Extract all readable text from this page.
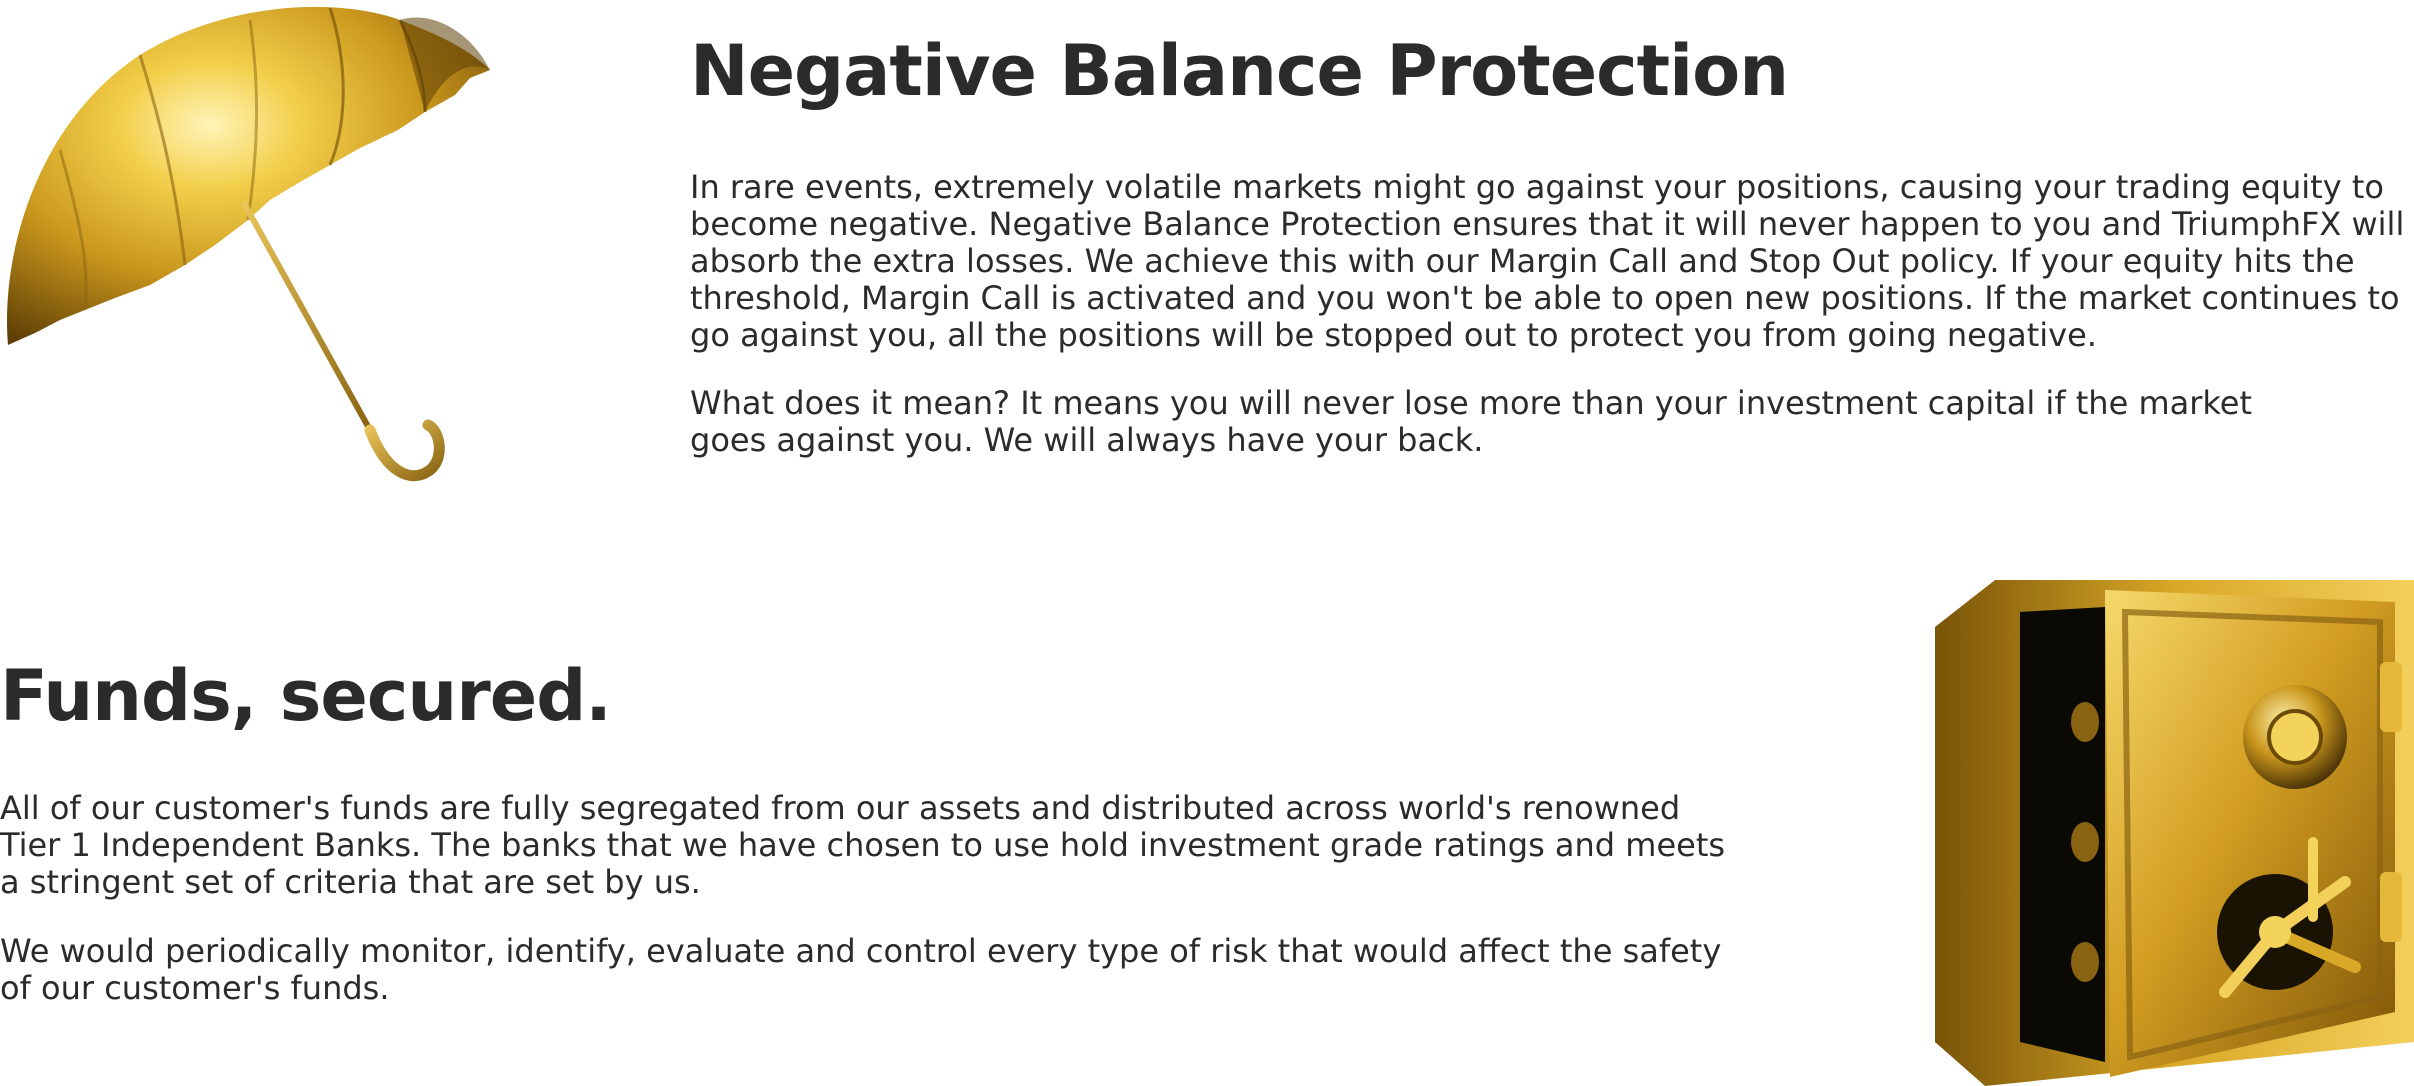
Negative Balance Protection

In rare events, extremely volatile markets might go against your positions, causing your trading equity to become negative. Negative Balance Protection ensures that it will never happen to you and TriumphFX will absorb the extra losses. We achieve this with our Margin Call and Stop Out policy. If your equity hits the threshold, Margin Call is activated and you won't be able to open new positions. If the market continues to go against you, all the positions will be stopped out to protect you from going negative.

What does it mean? It means you will never lose more than your investment capital if the market goes against you. We will always have your back.

Funds, secured.

All of our customer's funds are fully segregated from our assets and distributed across world's renowned Tier 1 Independent Banks. The banks that we have chosen to use hold investment grade ratings and meets a stringent set of criteria that are set by us.

We would periodically monitor, identify, evaluate and control every type of risk that would affect the safety of our customer's funds.
